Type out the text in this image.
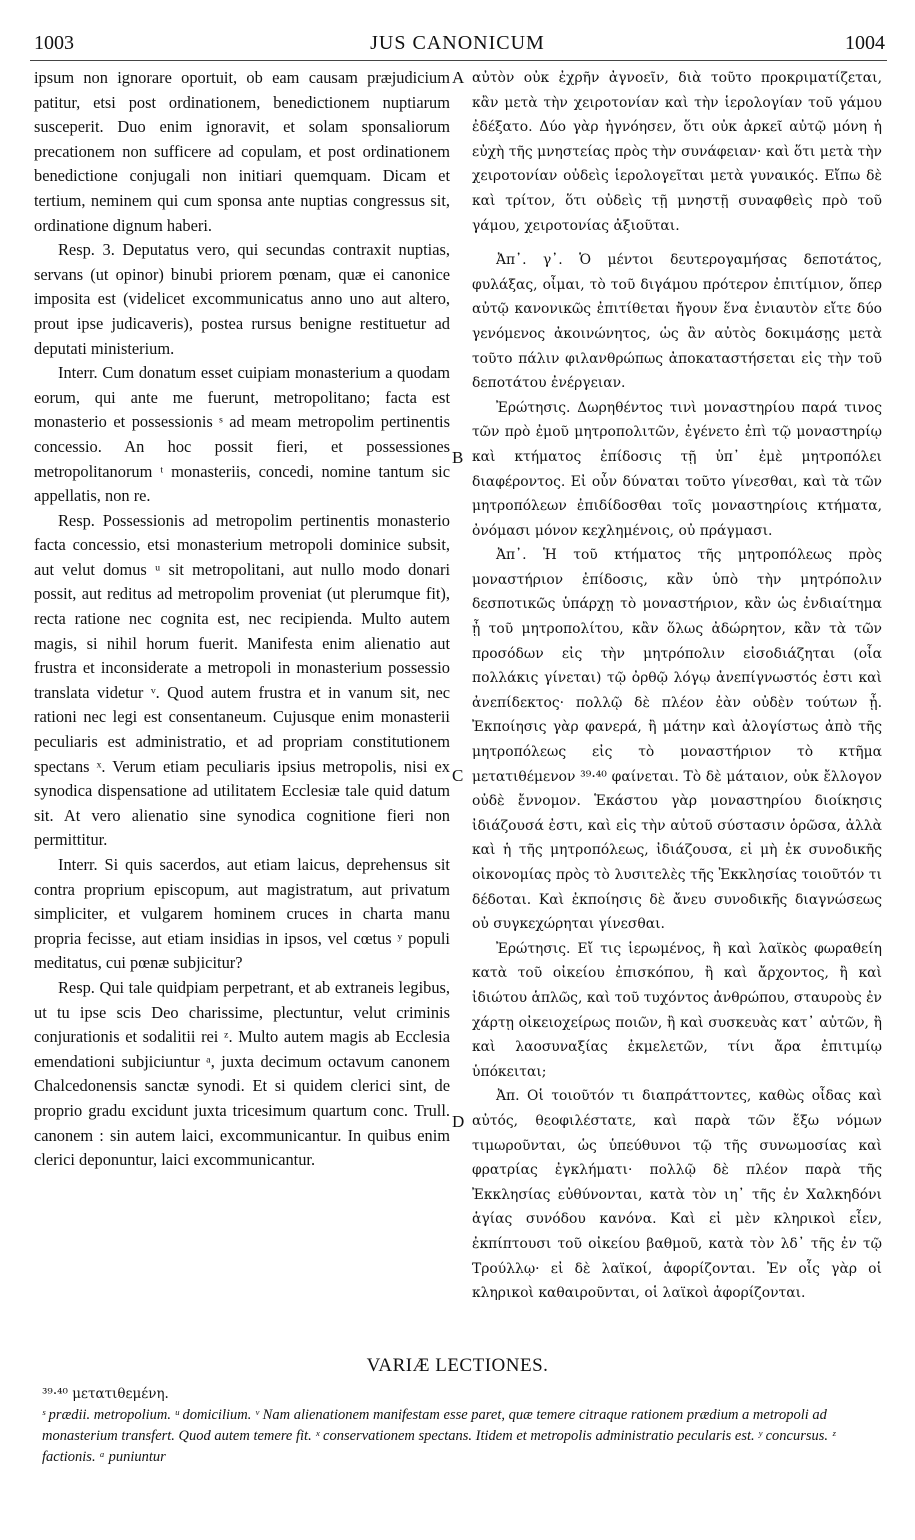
1003	JUS CANONICUM	1004

ipsum non ignorare oportuit, ob eam causam præjudicium patitur, etsi post ordinationem, benedictionem nuptiarum susceperit. Duo enim ignoravit, et solam sponsaliorum precationem non sufficere ad copulam, et post ordinationem benedictione conjugali non initiari quemquam. Dicam et tertium, neminem qui cum sponsa ante nuptias congressus sit, ordinatione dignum haberi.

Resp. 3. Deputatus vero, qui secundas contraxit nuptias, servans (ut opinor) binubi priorem pœnam, quæ ei canonice imposita est (videlicet excommunicatus anno uno aut altero, prout ipse judicaveris), postea rursus benigne restituetur ad deputati ministerium.

Interr. Cum donatum esset cuipiam monasterium a quodam eorum, qui ante me fuerunt, metropolitano; facta est monasterio et possessionis ˢ ad meam metropolim pertinentis concessio. An hoc possit fieri, et possessiones metropolitanorum ᵗ monasteriis, concedi, nomine tantum sic appellatis, non re.

Resp. Possessionis ad metropolim pertinentis monasterio facta concessio, etsi monasterium metropoli dominice subsit, aut velut domus ᵘ sit metropolitani, aut nullo modo donari possit, aut reditus ad metropolim proveniat (ut plerumque fit), recta ratione nec cognita est, nec recipienda. Multo autem magis, si nihil horum fuerit. Manifesta enim alienatio aut frustra et inconsiderate a metropoli in monasterium possessio translata videtur ᵛ. Quod autem frustra et in vanum sit, nec rationi nec legi est consentaneum. Cujusque enim monasterii peculiaris est administratio, et ad propriam constitutionem spectans ˣ. Verum etiam peculiaris ipsius metropolis, nisi ex synodica dispensatione ad utilitatem Ecclesiæ tale quid datum sit. At vero alienatio sine synodica cognitione fieri non permittitur.

Interr. Si quis sacerdos, aut etiam laicus, deprehensus sit contra proprium episcopum, aut magistratum, aut privatum simpliciter, et vulgarem hominem cruces in charta manu propria fecisse, aut etiam insidias in ipsos, vel cœtus ʸ populi meditatus, cui pœnæ subjicitur?

Resp. Qui tale quidpiam perpetrant, et ab extraneis legibus, ut tu ipse scis Deo charissime, plectuntur, velut criminis conjurationis et sodalitii rei ᶻ. Multo autem magis ab Ecclesia emendationi subjiciuntur ᵃ, juxta decimum octavum canonem Chalcedonensis sanctæ synodi. Et si quidem clerici sint, de proprio gradu excidunt juxta tricesimum quartum conc. Trull. canonem : sin autem laici, excommunicantur. In quibus enim clerici deponuntur, laici excommunicantur.

A
B
C
D

αὐτὸν οὐκ ἐχρῆν ἀγνοεῖν, διὰ τοῦτο προκριματίζεται, κἂν μετὰ τὴν χειροτονίαν καὶ τὴν ἱερολογίαν τοῦ γάμου ἐδέξατο. Δύο γὰρ ἠγνόησεν, ὅτι οὐκ ἀρκεῖ αὐτῷ μόνη ἡ εὐχὴ τῆς μνηστείας πρὸς τὴν συνάφειαν· καὶ ὅτι μετὰ τὴν χειροτονίαν οὐδεὶς ἱερολογεῖται μετὰ γυναικός. Εἴπω δὲ καὶ τρίτον, ὅτι οὐδεὶς τῇ μνηστῇ συναφθεὶς πρὸ τοῦ γάμου, χειροτονίας ἀξιοῦται.

Ἀπ᾽. γ᾽. Ὁ μέντοι δευτερογαμήσας δεποτάτος, φυλάξας, οἶμαι, τὸ τοῦ διγάμου πρότερον ἐπιτίμιον, ὅπερ αὐτῷ κανονικῶς ἐπιτίθεται ἤγουν ἕνα ἐνιαυτὸν εἴτε δύο γενόμενος ἀκοινώνητος, ὡς ἂν αὐτὸς δοκιμάσῃς μετὰ τοῦτο πάλιν φιλανθρώπως ἀποκαταστήσεται εἰς τὴν τοῦ δεποτάτου ἐνέργειαν.

Ἐρώτησις. Δωρηθέντος τινὶ μοναστηρίου παρά τινος τῶν πρὸ ἐμοῦ μητροπολιτῶν, ἐγένετο ἐπὶ τῷ μοναστηρίῳ καὶ κτήματος ἐπίδοσις τῇ ὑπ᾽ ἐμὲ μητροπόλει διαφέροντος. Εἰ οὖν δύναται τοῦτο γίνεσθαι, καὶ τὰ τῶν μητροπόλεων ἐπιδίδοσθαι τοῖς μοναστηρίοις κτήματα, ὀνόμασι μόνον κεχλημένοις, οὐ πράγμασι.

Ἀπ᾽. Ἡ τοῦ κτήματος τῆς μητροπόλεως πρὸς μοναστήριον ἐπίδοσις, κἂν ὑπὸ τὴν μητρόπολιν δεσποτικῶς ὑπάρχῃ τὸ μοναστήριον, κἂν ὡς ἐνδιαίτημα ᾖ τοῦ μητροπολίτου, κἂν ὅλως ἀδώρητον, κἂν τὰ τῶν προσόδων εἰς τὴν μητρόπολιν εἰσοδιάζηται (οἷα πολλάκις γίνεται) τῷ ὀρθῷ λόγῳ ἀνεπίγνωστός ἐστι καὶ ἀνεπίδεκτος· πολλῷ δὲ πλέον ἐὰν οὐδὲν τούτων ᾖ. Ἐκποίησις γὰρ φανερά, ἢ μάτην καὶ ἀλογίστως ἀπὸ τῆς μητροπόλεως εἰς τὸ μοναστήριον τὸ κτῆμα μετατιθέμενον ³⁹·⁴⁰ φαίνεται. Τὸ δὲ μάταιον, οὐκ ἔλλογον οὐδὲ ἔννομον. Ἑκάστου γὰρ μοναστηρίου διοίκησις ἰδιάζουσά ἐστι, καὶ εἰς τὴν αὐτοῦ σύστασιν ὁρῶσα, ἀλλὰ καὶ ἡ τῆς μητροπόλεως, ἰδιάζουσα, εἰ μὴ ἐκ συνοδικῆς οἰκονομίας πρὸς τὸ λυσιτελὲς τῆς Ἐκκλησίας τοιοῦτόν τι δέδοται. Καὶ ἐκποίησις δὲ ἄνευ συνοδικῆς διαγνώσεως οὐ συγκεχώρηται γίνεσθαι.

Ἐρώτησις. Εἴ τις ἱερωμένος, ἢ καὶ λαϊκὸς φωραθείη κατὰ τοῦ οἰκείου ἐπισκόπου, ἢ καὶ ἄρχοντος, ἢ καὶ ἰδιώτου ἁπλῶς, καὶ τοῦ τυχόντος ἀνθρώπου, σταυροὺς ἐν χάρτῃ οἰκειοχείρως ποιῶν, ἢ καὶ συσκευὰς κατ᾽ αὐτῶν, ἢ καὶ λαοσυναξίας ἐκμελετῶν, τίνι ἄρα ἐπιτιμίῳ ὑπόκειται;

Ἀπ. Οἱ τοιοῦτόν τι διαπράττοντες, καθὼς οἶδας καὶ αὐτός, θεοφιλέστατε, καὶ παρὰ τῶν ἔξω νόμων τιμωροῦνται, ὡς ὑπεύθυνοι τῷ τῆς συνωμοσίας καὶ φρατρίας ἐγκλήματι· πολλῷ δὲ πλέον παρὰ τῆς Ἐκκλησίας εὐθύνονται, κατὰ τὸν ιη᾽ τῆς ἐν Χαλκηδόνι ἁγίας συνόδου κανόνα. Καὶ εἰ μὲν κληρικοὶ εἶεν, ἐκπίπτουσι τοῦ οἰκείου βαθμοῦ, κατὰ τὸν λδ᾽ τῆς ἐν τῷ Τρούλλῳ· εἰ δὲ λαϊκοί, ἀφορίζονται. Ἐν οἷς γὰρ οἱ κληρικοὶ καθαιροῦνται, οἱ λαϊκοὶ ἀφορίζονται.

VARIÆ LECTIONES.
³⁹·⁴⁰ μετατιθεμένη.
ˢ prædii. metropolium. ᵘ domicilium. ᵛ Nam alienationem manifestam esse paret, quæ temere citraque rationem prædium a metropoli ad monasterium transfert. Quod autem temere fit. ˣ conservationem spectans. Itidem et metropolis administratio pecularis est. ʸ concursus. ᶻ factionis. ᵃ puniuntur
